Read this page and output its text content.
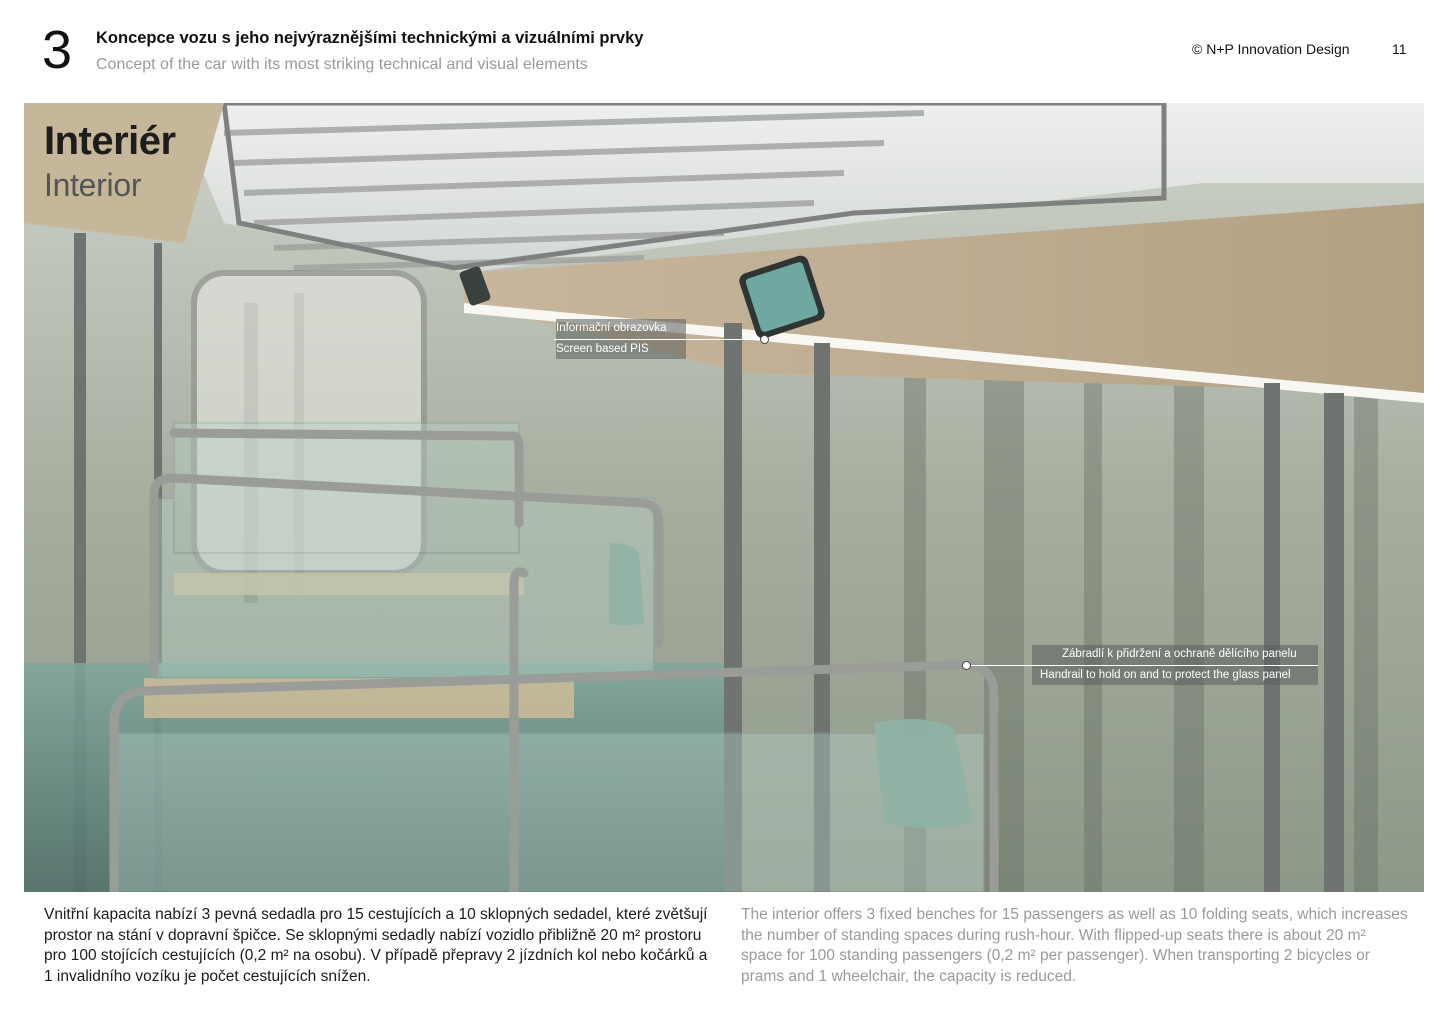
3 Koncepce vozu s jeho nejvýraznějšími technickými a vizuálními prvky
Concept of the car with its most striking technical and visual elements
© N+P Innovation Design	11
Interiér
Interior
Informační obrazovka
Screen based PIS
Zábradlí k přidržení a ochraně dělícího panelu
Handrail to hold on and to protect the glass panel
Vnitřní kapacita nabízí 3 pevná sedadla pro 15 cestujících a 10 sklopných sedadel, které zvětšují prostor na stání v dopravní špičce. Se sklopnými sedadly nabízí vozidlo přibližně 20 m² prostoru pro 100 stojících cestujících (0,2 m² na osobu). V případě přepravy 2 jízdních kol nebo kočárků a 1 invalidního vozíku je počet cestujících snížen.
The interior offers 3 fixed benches for 15 passengers as well as 10 folding seats, which increases the number of standing spaces during rush-hour. With flipped-up seats there is about 20 m² space for 100 standing passengers (0,2 m² per passenger). When transporting 2 bicycles or prams and 1 wheelchair, the capacity is reduced.
